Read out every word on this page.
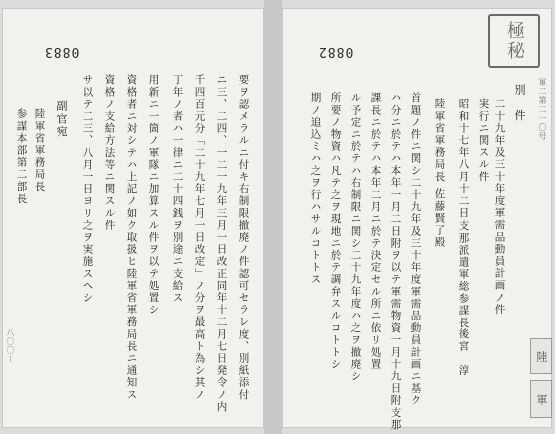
0883
要ヲ認メラルニ付キ右制限撤廃ノ件認可セラレ度、別紙添付
ニ三、二四、一二一九年三月一日改正同年十二月七日発令ノ内
千四百元分「二十九年七月一日改定」ノ分ヲ最高ト為シ其ノ
丁年ノ者ハ一律ニ二十四銭ヲ別途ニ支給ス
用新ニ一箇ノ軍隊ニ加算スル件ヲ以テ処置シ
資格者ニ対シテハ上記ノ如ク取扱ヒ陸軍省軍務局長ニ通知ス
資格ノ支給方法等ニ関スル件
サ以テ二三、八月一日ヨリ之ヲ実施スヘシ
副官宛
陸軍省軍務局長
参謀本部第二部長
八〇〇ー
極秘
0882
軍二第二一〇号
別　件
二十九年及三十年度軍需品動員計画ノ件
実行ニ関スル件
昭和十七年八月十二日
支那派遣軍総参謀長
後宮　淳
陸軍省軍務局長
佐藤賢了殿
首題ノ件ニ関シ二十九年及三十年度軍需品動員計画ニ基ク
ハ分ニ於テハ本年一月二日附ヲ以テ軍需物資一月十九日附支那
課長ニ於テハ本年二月ニ於テ決定セル所ニ依リ処置
ル予定ニ於テハ右制限ニ関シ二十九年度ハ之ヲ撤廃シ
所要ノ物資ハ凡テ之ヲ現地ニ於テ調弁スルコトトシ
期ノ追込ミハ之ヲ行ハサルコトトス
陸
軍
